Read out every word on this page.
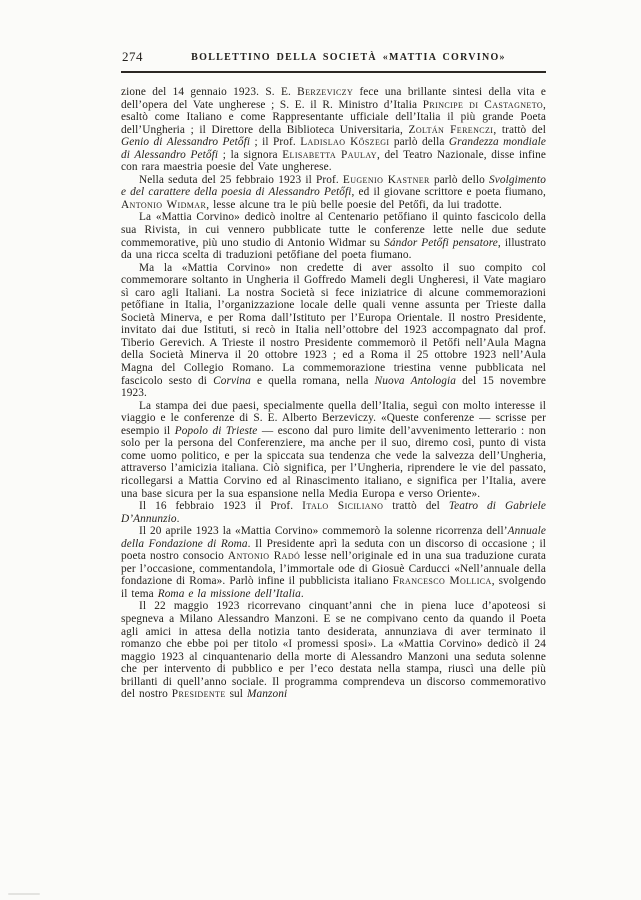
274	BOLLETTINO DELLA SOCIETÀ «MATTIA CORVINO»

zione del 14 gennaio 1923. S. E. Berzeviczy fece una brillante sintesi della vita e dell’opera del Vate ungherese ; S. E. il R. Ministro d’Italia Principe di Castagneto, esaltò come Italiano e come Rappresentante ufficiale dell’Italia il più grande Poeta dell’Ungheria ; il Direttore della Biblioteca Universitaria, Zoltán Ferenczi, trattò del Genio di Alessandro Petőfi ; il Prof. Ladislao Kőszegi parlò della Grandezza mondiale di Alessandro Petőfi ; la signora Elisabetta Paulay, del Teatro Nazionale, disse infine con rara maestria poesie del Vate ungherese.

Nella seduta del 25 febbraio 1923 il Prof. Eugenio Kastner parlò dello Svolgimento e del carattere della poesia di Alessandro Petőfi, ed il giovane scrittore e poeta fiumano, Antonio Widmar, lesse alcune tra le più belle poesie del Petőfi, da lui tradotte.

La «Mattia Corvino» dedicò inoltre al Centenario petőfiano il quinto fascicolo della sua Rivista, in cui vennero pubblicate tutte le conferenze lette nelle due sedute commemorative, più uno studio di Antonio Widmar su Sándor Petőfi pensatore, illustrato da una ricca scelta di traduzioni petőfiane del poeta fiumano.

Ma la «Mattia Corvino» non credette di aver assolto il suo compito col commemorare soltanto in Ungheria il Goffredo Mameli degli Ungheresi, il Vate magiaro sì caro agli Italiani. La nostra Società si fece iniziatrice di alcune commemorazioni petőfiane in Italia, l’organizzazione locale delle quali venne assunta per Trieste dalla Società Minerva, e per Roma dall’Istituto per l’Europa Orientale. Il nostro Presidente, invitato dai due Istituti, si recò in Italia nell’ottobre del 1923 accompagnato dal prof. Tiberio Gerevich. A Trieste il nostro Presidente commemorò il Petőfi nell’Aula Magna della Società Minerva il 20 ottobre 1923 ; ed a Roma il 25 ottobre 1923 nell’Aula Magna del Collegio Romano. La commemorazione triestina venne pubblicata nel fascicolo sesto di Corvina e quella romana, nella Nuova Antologia del 15 novembre 1923.

La stampa dei due paesi, specialmente quella dell’Italia, seguì con molto interesse il viaggio e le conferenze di S. E. Alberto Berzeviczy. «Queste conferenze — scrisse per esempio il Popolo di Trieste — escono dal puro limite dell’avvenimento letterario : non solo per la persona del Conferenziere, ma anche per il suo, diremo così, punto di vista come uomo politico, e per la spiccata sua tendenza che vede la salvezza dell’Ungheria, attraverso l’amicizia italiana. Ciò significa, per l’Ungheria, riprendere le vie del passato, ricollegarsi a Mattia Corvino ed al Rinascimento italiano, e significa per l’Italia, avere una base sicura per la sua espansione nella Media Europa e verso Oriente».

Il 16 febbraio 1923 il Prof. Italo Siciliano trattò del Teatro di Gabriele D’Annunzio.

Il 20 aprile 1923 la «Mattia Corvino» commemorò la solenne ricorrenza dell’Annuale della Fondazione di Roma. Il Presidente aprì la seduta con un discorso di occasione ; il poeta nostro consocio Antonio Radó lesse nell’originale ed in una sua traduzione curata per l’occasione, commentandola, l’immortale ode di Giosuè Carducci «Nell’annuale della fondazione di Roma». Parlò infine il pubblicista italiano Francesco Mollica, svolgendo il tema Roma e la missione dell’Italia.

Il 22 maggio 1923 ricorrevano cinquant’anni che in piena luce d’apoteosi si spegneva a Milano Alessandro Manzoni. E se ne compivano cento da quando il Poeta agli amici in attesa della notizia tanto desiderata, annunziava di aver terminato il romanzo che ebbe poi per titolo «I promessi sposi». La «Mattia Corvino» dedicò il 24 maggio 1923 al cinquantenario della morte di Alessandro Manzoni una seduta solenne che per intervento di pubblico e per l’eco destata nella stampa, riuscì una delle più brillanti di quell’anno sociale. Il programma comprendeva un discorso commemorativo del nostro Presidente sul Manzoni
